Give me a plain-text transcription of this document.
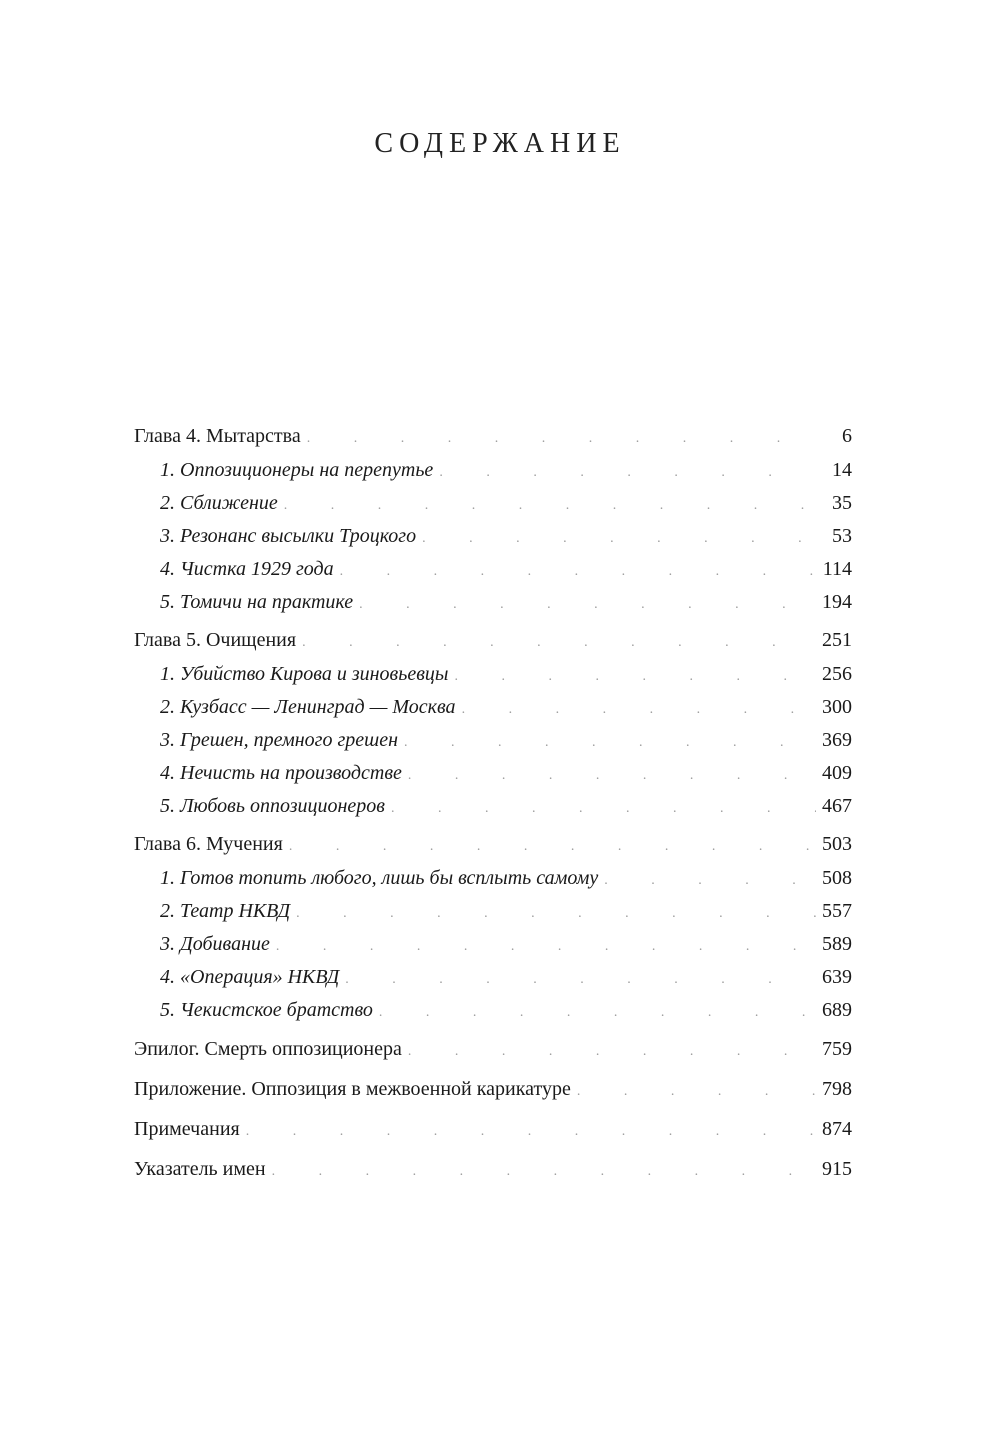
СОДЕРЖАНИЕ
Глава 4. Мытарства . . .	6
1. Оппозиционеры на перепутье . . .	14
2. Сближение . . .	35
3. Резонанс высылки Троцкого . . .	53
4. Чистка 1929 года . . .	114
5. Томичи на практике . . .	194
Глава 5. Очищения . . .	251
1. Убийство Кирова и зиновьевцы . . .	256
2. Кузбасс — Ленинград — Москва . . .	300
3. Грешен, премного грешен . . .	369
4. Нечисть на производстве . . .	409
5. Любовь оппозиционеров . . .	467
Глава 6. Мучения . . .	503
1. Готов топить любого, лишь бы всплыть самому . . .	508
2. Театр НКВД . . .	557
3. Добивание . . .	589
4. «Операция» НКВД . . .	639
5. Чекистское братство . . .	689
Эпилог. Смерть оппозиционера . . .	759
Приложение. Оппозиция в межвоенной карикатуре . . .	798
Примечания . . .	874
Указатель имен . . .	915
